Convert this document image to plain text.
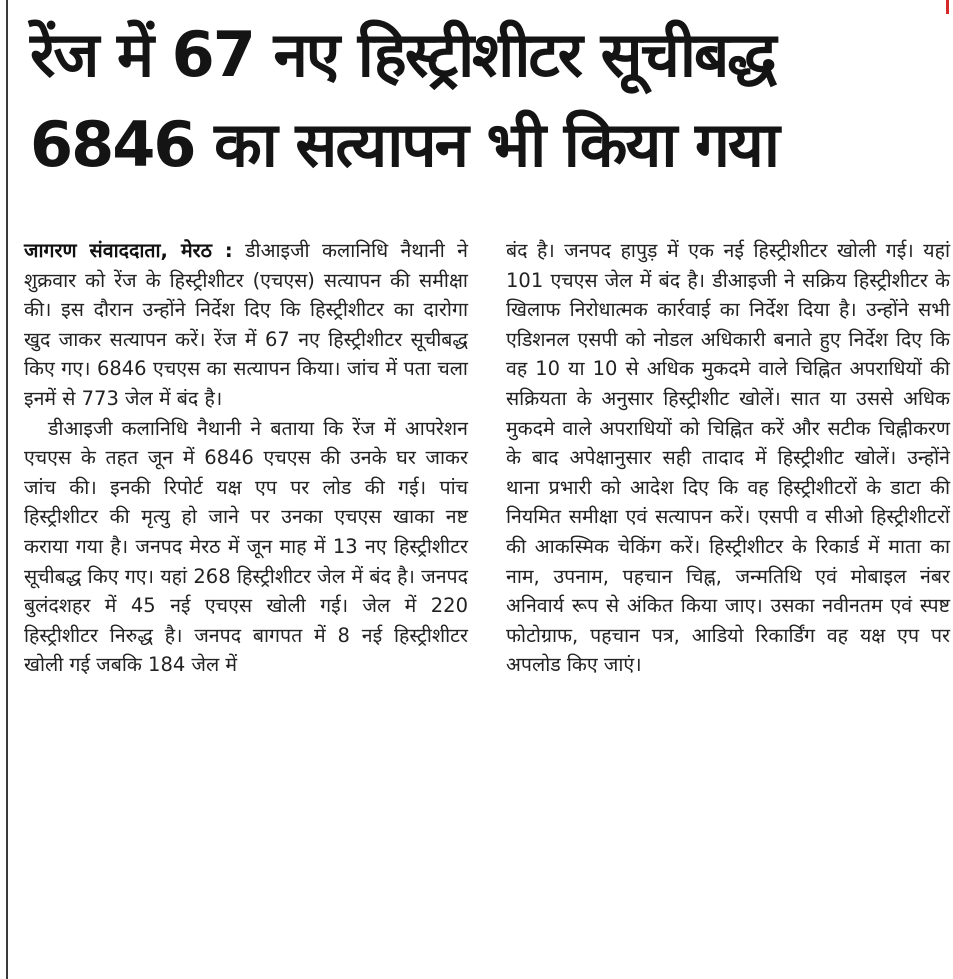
रेंज में 67 नए हिस्ट्रीशीटर सूचीबद्ध
6846 का सत्यापन भी किया गया

जागरण संवाददाता, मेरठ : डीआइजी कलानिधि नैथानी ने शुक्रवार को रेंज के हिस्ट्रीशीटर (एचएस) सत्यापन की समीक्षा की। इस दौरान उन्होंने निर्देश दिए कि हिस्ट्रीशीटर का दारोगा खुद जाकर सत्यापन करें। रेंज में 67 नए हिस्ट्रीशीटर सूचीबद्ध किए गए। 6846 एचएस का सत्यापन किया। जांच में पता चला इनमें से 773 जेल में बंद है।

डीआइजी कलानिधि नैथानी ने बताया कि रेंज में आपरेशन एचएस के तहत जून में 6846 एचएस की उनके घर जाकर जांच की। इनकी रिपोर्ट यक्ष एप पर लोड की गई। पांच हिस्ट्रीशीटर की मृत्यु हो जाने पर उनका एचएस खाका नष्ट कराया गया है। जनपद मेरठ में जून माह में 13 नए हिस्ट्रीशीटर सूचीबद्ध किए गए। यहां 268 हिस्ट्रीशीटर जेल में बंद है। जनपद बुलंदशहर में 45 नई एचएस खोली गई। जेल में 220 हिस्ट्रीशीटर निरुद्ध है। जनपद बागपत में 8 नई हिस्ट्रीशीटर खोली गई जबकि 184 जेल में

बंद है। जनपद हापुड़ में एक नई हिस्ट्रीशीटर खोली गई। यहां 101 एचएस जेल में बंद है। डीआइजी ने सक्रिय हिस्ट्रीशीटर के खिलाफ निरोधात्मक कार्रवाई का निर्देश दिया है। उन्होंने सभी एडिशनल एसपी को नोडल अधिकारी बनाते हुए निर्देश दिए कि वह 10 या 10 से अधिक मुकदमे वाले चिह्नित अपराधियों की सक्रियता के अनुसार हिस्ट्रीशीट खोलें। सात या उससे अधिक मुकदमे वाले अपराधियों को चिह्नित करें और सटीक चिह्नीकरण के बाद अपेक्षानुसार सही तादाद में हिस्ट्रीशीट खोलें। उन्होंने थाना प्रभारी को आदेश दिए कि वह हिस्ट्रीशीटरों के डाटा की नियमित समीक्षा एवं सत्यापन करें। एसपी व सीओ हिस्ट्रीशीटरों की आकस्मिक चेकिंग करें। हिस्ट्रीशीटर के रिकार्ड में माता का नाम, उपनाम, पहचान चिह्न, जन्मतिथि एवं मोबाइल नंबर अनिवार्य रूप से अंकित किया जाए। उसका नवीनतम एवं स्पष्ट फोटोग्राफ, पहचान पत्र, आडियो रिकार्डिंग वह यक्ष एप पर अपलोड किए जाएं।
